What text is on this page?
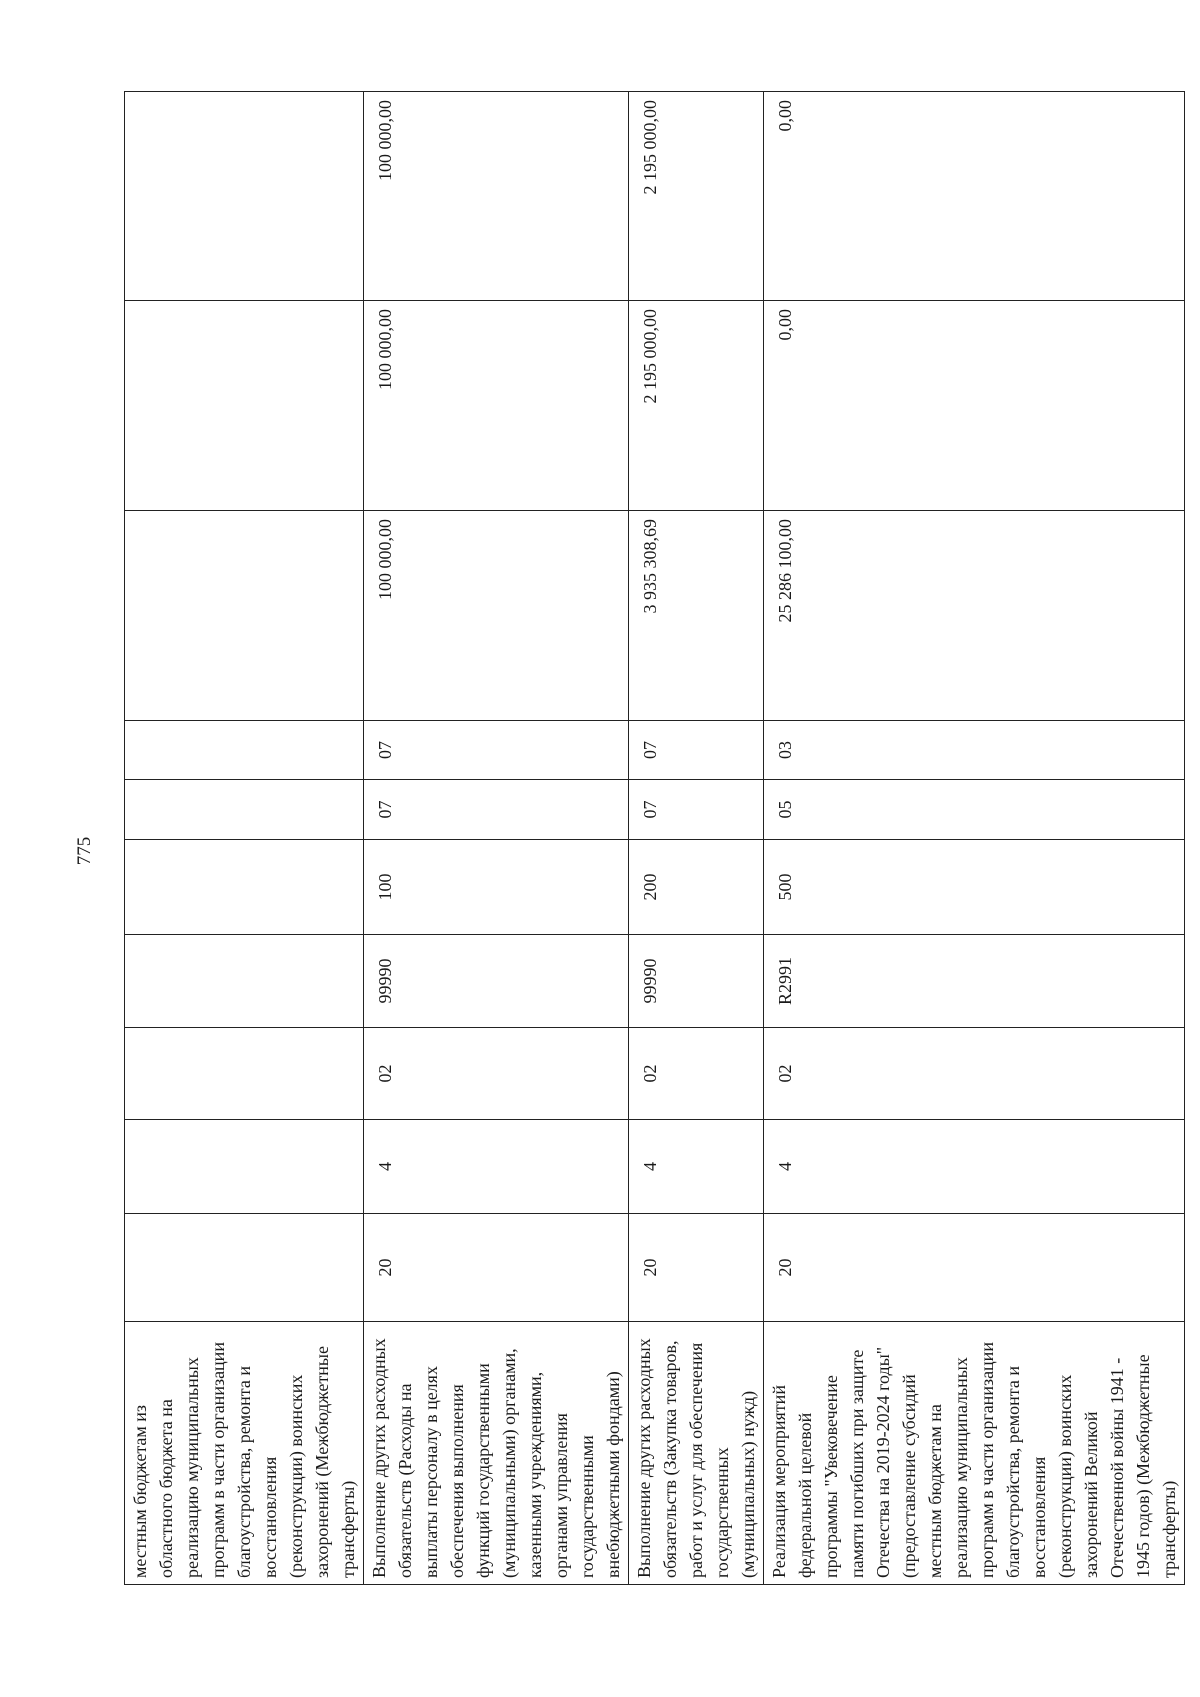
775
местным бюджетам из областного бюджета на реализацию муниципальных программ в части организации благоустройства, ремонта и восстановления (реконструкции) воинских захоронений (Межбюджетные трансферты)										
Выполнение других расходных обязательств (Расходы на выплаты персоналу в целях обеспечения выполнения функций государственными (муниципальными) органами, казенными учреждениями, органами управления государственными внебюджетными фондами)	20	4	02	99990	100	07	07	100 000,00	100 000,00	100 000,00
Выполнение других расходных обязательств (Закупка товаров, работ и услуг для обеспечения государственных (муниципальных) нужд)	20	4	02	99990	200	07	07	3 935 308,69	2 195 000,00	2 195 000,00
Реализация мероприятий федеральной целевой программы "Увековечение памяти погибших при защите Отечества на 2019-2024 годы" (предоставление субсидий местным бюджетам на реализацию муниципальных программ в части организации благоустройства, ремонта и восстановления (реконструкции) воинских захоронений Великой Отечественной войны 1941 - 1945 годов) (Межбюджетные трансферты)	20	4	02	R2991	500	05	03	25 286 100,00	0,00	0,00
